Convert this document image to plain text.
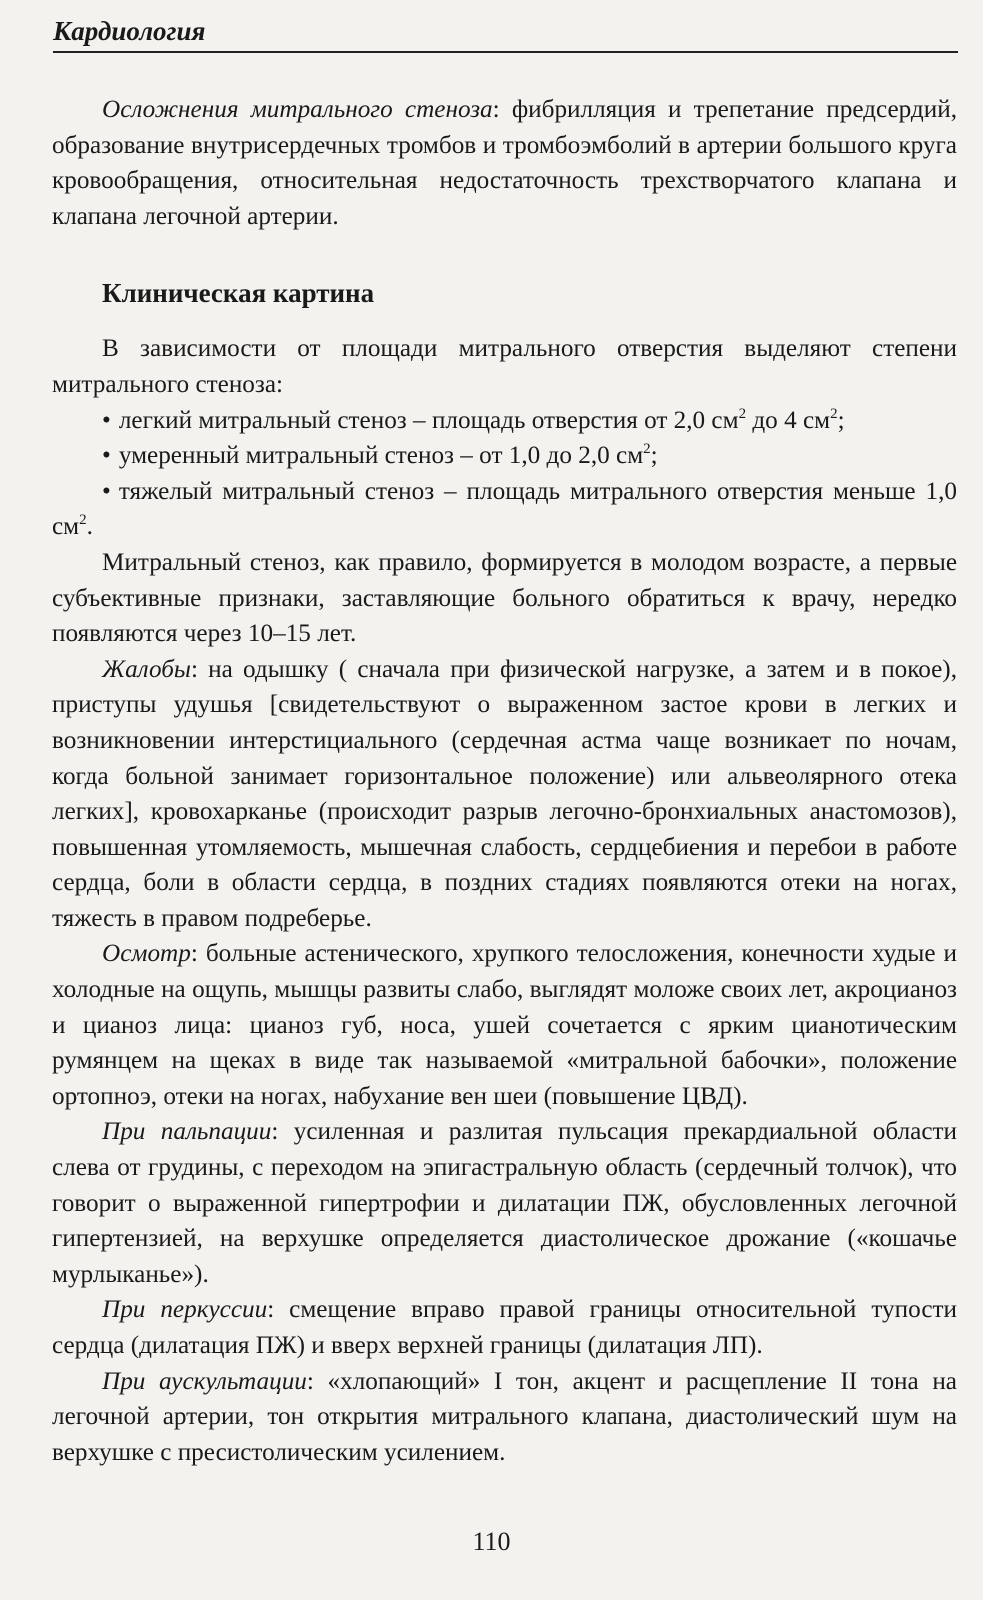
Кардиология

Осложнения митрального стеноза: фибрилляция и трепетание предсердий, образование внутрисердечных тромбов и тромбоэмболий в артерии большого круга кровообращения, относительная недостаточность трехстворчатого клапана и клапана легочной артерии.

Клиническая картина

В зависимости от площади митрального отверстия выделяют степени митрального стеноза:

• легкий митральный стеноз – площадь отверстия от 2,0 $см^2$ до 4 $см^2$;
• умеренный митральный стеноз – от 1,0 до 2,0 $см^2$;
• тяжелый митральный стеноз – площадь митрального отверстия меньше 1,0 $см^2$.

Митральный стеноз, как правило, формируется в молодом возрасте, а первые субъективные признаки, заставляющие больного обратиться к врачу, нередко появляются через 10–15 лет.

Жалобы: на одышку ( сначала при физической нагрузке, а затем и в покое), приступы удушья [свидетельствуют о выраженном застое крови в легких и возникновении интерстициального (сердечная астма чаще возникает по ночам, когда больной занимает горизонтальное положение) или альвеолярного отека легких], кровохарканье (происходит разрыв легочно-бронхиальных анастомозов), повышенная утомляемость, мышечная слабость, сердцебиения и перебои в работе сердца, боли в области сердца, в поздних стадиях появляются отеки на ногах, тяжесть в правом подреберье.

Осмотр: больные астенического, хрупкого телосложения, конечности худые и холодные на ощупь, мышцы развиты слабо, выглядят моложе своих лет, акроцианоз и цианоз лица: цианоз губ, носа, ушей сочетается с ярким цианотическим румянцем на щеках в виде так называемой «митральной бабочки», положение ортопноэ, отеки на ногах, набухание вен шеи (повышение ЦВД).

При пальпации: усиленная и разлитая пульсация прекардиальной области слева от грудины, с переходом на эпигастральную область (сердечный толчок), что говорит о выраженной гипертрофии и дилатации ПЖ, обусловленных легочной гипертензией, на верхушке определяется диастолическое дрожание («кошачье мурлыканье»).

При перкуссии: смещение вправо правой границы относительной тупости сердца (дилатация ПЖ) и вверх верхней границы (дилатация ЛП).

При аускультации: «хлопающий» I тон, акцент и расщепление II тона на легочной артерии, тон открытия митрального клапана, диастолический шум на верхушке с пресистолическим усилением.

110
